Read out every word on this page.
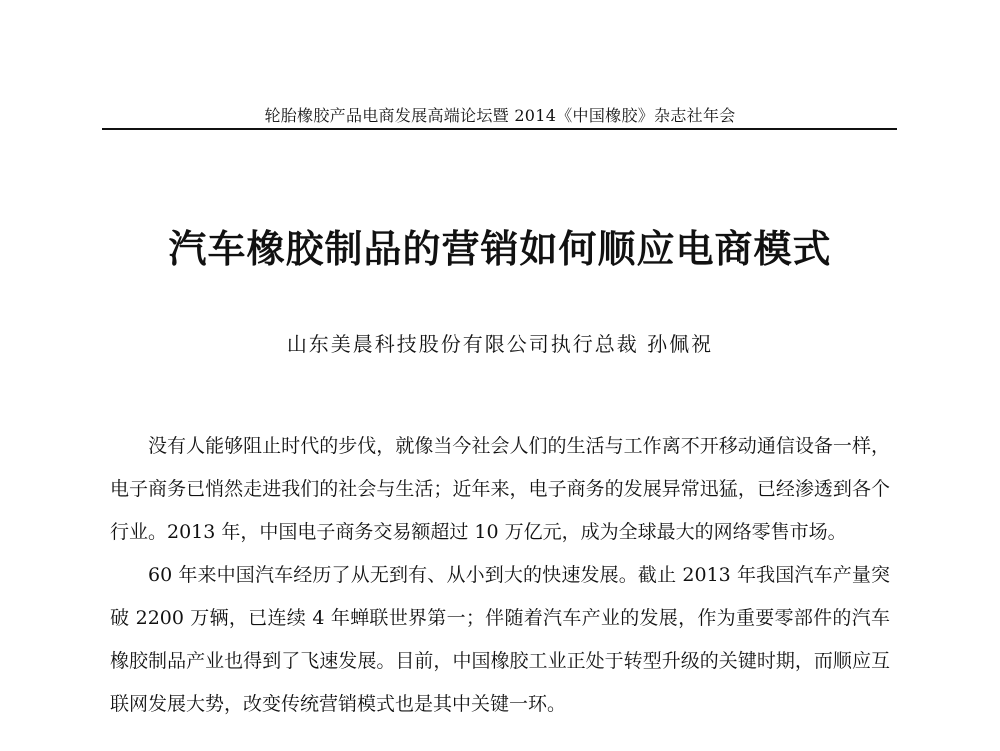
轮胎橡胶产品电商发展高端论坛暨 2014《中国橡胶》杂志社年会
汽车橡胶制品的营销如何顺应电商模式
山东美晨科技股份有限公司执行总裁 孙佩祝

没有人能够阻止时代的步伐，就像当今社会人们的生活与工作离不开移动通信设备一样，电子商务已悄然走进我们的社会与生活；近年来，电子商务的发展异常迅猛，已经渗透到各个行业。2013 年，中国电子商务交易额超过 10 万亿元，成为全球最大的网络零售市场。

60 年来中国汽车经历了从无到有、从小到大的快速发展。截止 2013 年我国汽车产量突破 2200 万辆，已连续 4 年蝉联世界第一；伴随着汽车产业的发展，作为重要零部件的汽车橡胶制品产业也得到了飞速发展。目前，中国橡胶工业正处于转型升级的关键时期，而顺应互联网发展大势，改变传统营销模式也是其中关键一环。
